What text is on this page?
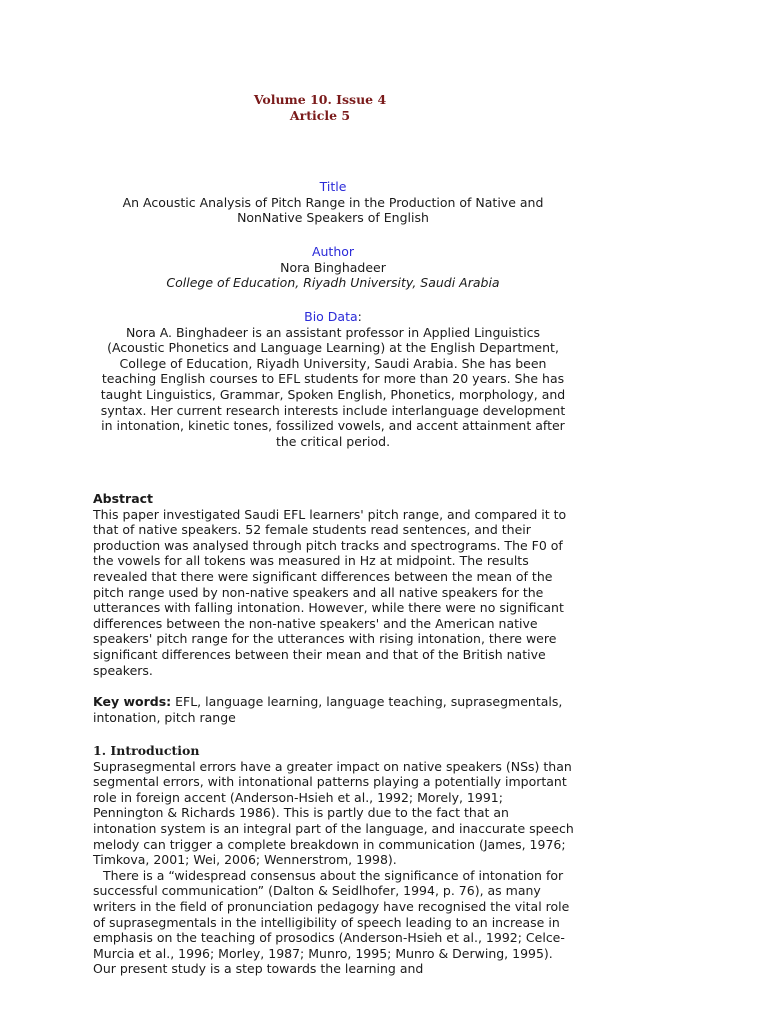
Volume 10. Issue 4
Article 5
Title
An Acoustic Analysis of Pitch Range in the Production of Native and NonNative Speakers of English
Author
Nora Binghadeer
College of Education, Riyadh University, Saudi Arabia
Bio Data:
Nora A. Binghadeer is an assistant professor in Applied Linguistics (Acoustic Phonetics and Language Learning) at the English Department, College of Education, Riyadh University, Saudi Arabia. She has been teaching English courses to EFL students for more than 20 years. She has taught Linguistics, Grammar, Spoken English, Phonetics, morphology, and syntax. Her current research interests include interlanguage development in intonation, kinetic tones, fossilized vowels, and accent attainment after the critical period.
Abstract

This paper investigated Saudi EFL learners' pitch range, and compared it to that of native speakers. 52 female students read sentences, and their production was analysed through pitch tracks and spectrograms. The F0 of the vowels for all tokens was measured in Hz at midpoint. The results revealed that there were significant differences between the mean of the pitch range used by non-native speakers and all native speakers for the utterances with falling intonation. However, while there were no significant differences between the non-native speakers' and the American native speakers' pitch range for the utterances with rising intonation, there were significant differences between their mean and that of the British native speakers.

Key words: EFL, language learning, language teaching, suprasegmentals, intonation, pitch range

1. Introduction

Suprasegmental errors have a greater impact on native speakers (NSs) than segmental errors, with intonational patterns playing a potentially important role in foreign accent (Anderson-Hsieh et al., 1992; Morely, 1991; Pennington & Richards 1986). This is partly due to the fact that an intonation system is an integral part of the language, and inaccurate speech melody can trigger a complete breakdown in communication (James, 1976; Timkova, 2001; Wei, 2006; Wennerstrom, 1998).

There is a “widespread consensus about the significance of intonation for successful communication” (Dalton & Seidlhofer, 1994, p. 76), as many writers in the field of pronunciation pedagogy have recognised the vital role of suprasegmentals in the intelligibility of speech leading to an increase in emphasis on the teaching of prosodics (Anderson-Hsieh et al., 1992; Celce-Murcia et al., 1996; Morley, 1987; Munro, 1995; Munro & Derwing, 1995). Our present study is a step towards the learning and
